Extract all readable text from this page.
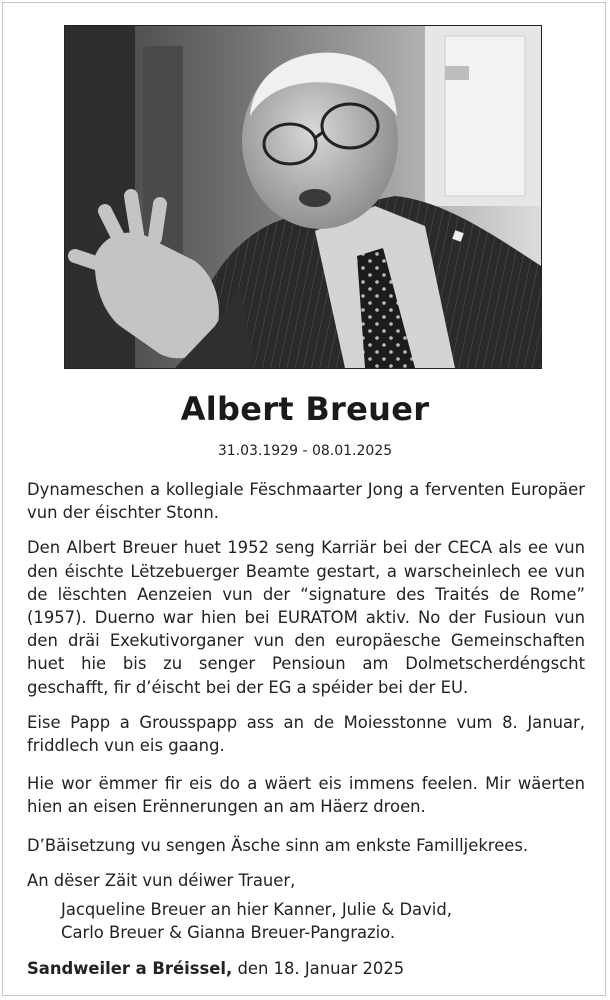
Albert Breuer
31.03.1929 - 08.01.2025

Dynameschen a kollegiale Fëschmaarter Jong a ferventen Europäer vun der éischter Stonn.

Den Albert Breuer huet 1952 seng Karriär bei der CECA als ee vun den éischte Lëtzebuerger Beamte gestart, a warscheinlech ee vun de lëschten Aenzeien vun der “signature des Traités de Rome” (1957). Duerno war hien bei EURATOM aktiv. No der Fusioun vun den dräi Exekutivorganer vun den europäesche Gemeinschaften huet hie bis zu senger Pensioun am Dolmetscherdéngscht geschafft, fir d’éischt bei der EG a spéider bei der EU.

Eise Papp a Grousspapp ass an de Moiesstonne vum 8. Januar, friddlech vun eis gaang.

Hie wor ëmmer fir eis do a wäert eis immens feelen. Mir wäerten hien an eisen Erënnerungen an am Häerz droen.

D’Bäisetzung vu sengen Äsche sinn am enkste Familljekrees.

An dëser Zäit vun déiwer Trauer,
Jacqueline Breuer an hier Kanner, Julie & David,
Carlo Breuer & Gianna Breuer-Pangrazio.
Sandweiler a Bréissel, den 18. Januar 2025
